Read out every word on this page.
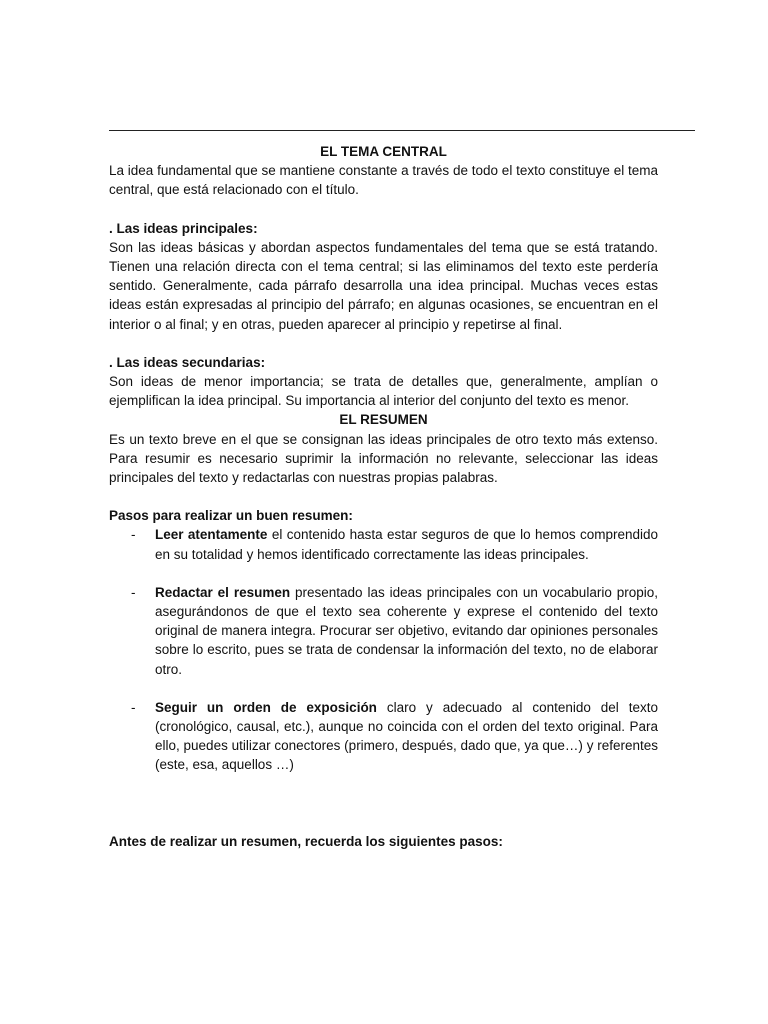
EL TEMA CENTRAL

La idea fundamental que se mantiene constante a través de todo el texto constituye el tema central, que está relacionado con el título.

. Las ideas principales:

Son las ideas básicas y abordan aspectos fundamentales del tema que se está tratando. Tienen una relación directa con el tema central; si las eliminamos del texto este perdería sentido. Generalmente, cada párrafo desarrolla una idea principal. Muchas veces estas ideas están expresadas al principio del párrafo; en algunas ocasiones, se encuentran en el interior o al final; y en otras, pueden aparecer al principio y repetirse al final.

. Las ideas secundarias:

Son ideas de menor importancia; se trata de detalles que, generalmente, amplían o ejemplifican la idea principal. Su importancia al interior del conjunto del texto es menor.

EL RESUMEN

Es un texto breve en el que se consignan las ideas principales de otro texto más extenso. Para resumir es necesario suprimir la información no relevante, seleccionar las ideas principales del texto y redactarlas con nuestras propias palabras.

Pasos para realizar un buen resumen:

- Leer atentamente el contenido hasta estar seguros de que lo hemos comprendido en su totalidad y hemos identificado correctamente las ideas principales.
- Redactar el resumen presentado las ideas principales con un vocabulario propio, asegurándonos de que el texto sea coherente y exprese el contenido del texto original de manera integra. Procurar ser objetivo, evitando dar opiniones personales sobre lo escrito, pues se trata de condensar la información del texto, no de elaborar otro.
- Seguir un orden de exposición claro y adecuado al contenido del texto (cronológico, causal, etc.), aunque no coincida con el orden del texto original. Para ello, puedes utilizar conectores (primero, después, dado que, ya que…) y referentes (este, esa, aquellos …)

Antes de realizar un resumen, recuerda los siguientes pasos:
